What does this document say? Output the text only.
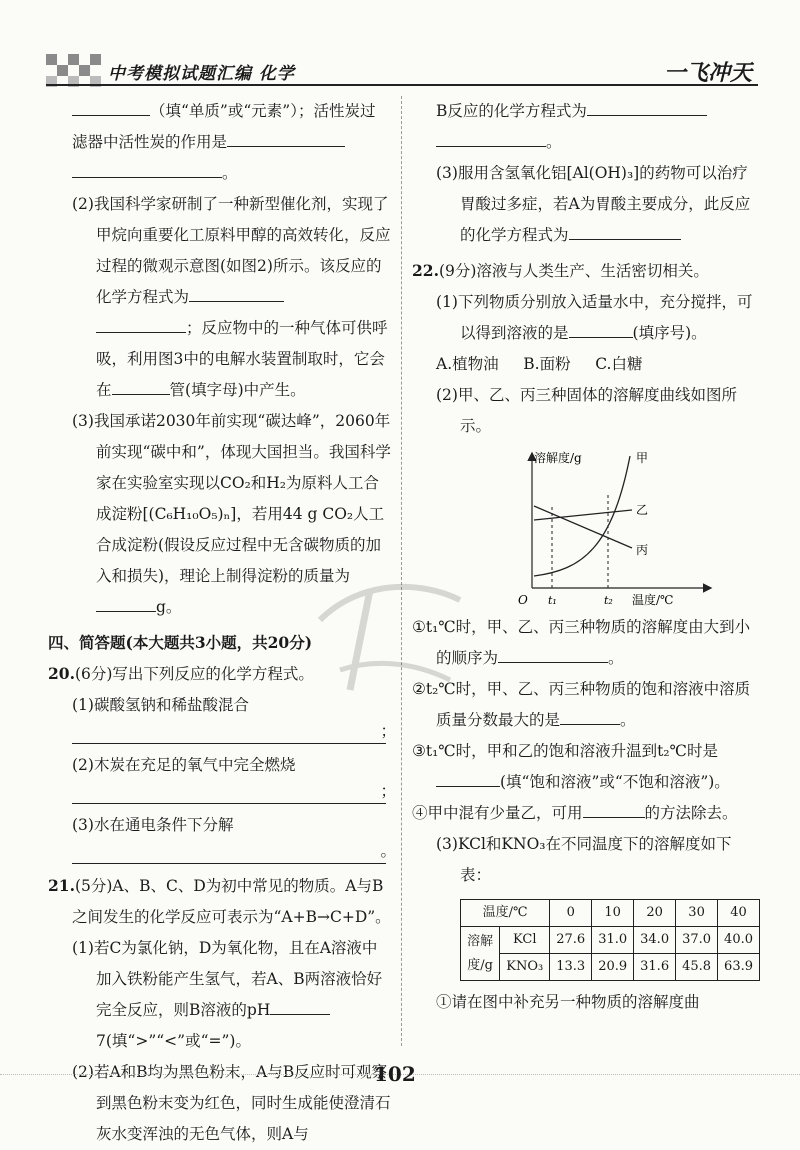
中考模拟试题汇编 化学	一飞冲天

（填“单质”或“元素”）；活性炭过

滤器中活性炭的作用是

。

(2)我国科学家研制了一种新型催化剂，实现了甲烷向重要化工原料甲醇的高效转化，反应过程的微观示意图(如图2)所示。该反应的化学方程式为
；反应物中的一种气体可供呼吸，利用图3中的电解水装置制取时，它会在	管(填字母)中产生。

(3)我国承诺2030年前实现“碳达峰”，2060年前实现“碳中和”，体现大国担当。我国科学家在实验室实现以CO₂和H₂为原料人工合成淀粉[(C₆H₁₀O₅)ₙ]，若用44 g CO₂人工合成淀粉(假设反应过程中无含碳物质的加入和损失)，理论上制得淀粉的质量为g。

四、简答题(本大题共3小题，共20分)

20.(6分)写出下列反应的化学方程式。

(1)碳酸氢钠和稀盐酸混合

；

(2)木炭在充足的氧气中完全燃烧

；

(3)水在通电条件下分解

。

21.(5分)A、B、C、D为初中常见的物质。A与B之间发生的化学反应可表示为“A+B→C+D”。

(1)若C为氯化钠，D为氧化物，且在A溶液中加入铁粉能产生氢气，若A、B两溶液恰好完全反应，则B溶液的pH7(填“>”“<”或“=”)。

(2)若A和B均为黑色粉末，A与B反应时可观察到黑色粉末变为红色，同时生成能使澄清石灰水变浑浊的无色气体，则A与

B反应的化学方程式为

。

(3)服用含氢氧化铝[Al(OH)₃]的药物可以治疗胃酸过多症，若A为胃酸主要成分，此反应的化学方程式为

22.(9分)溶液与人类生产、生活密切相关。

(1)下列物质分别放入适量水中，充分搅拌，可以得到溶液的是	(填序号)。

A.植物油     B.面粉     C.白糖

(2)甲、乙、丙三种固体的溶解度曲线如图所示。

溶解度/g
温度/℃
O t₁	t₂
甲
乙
丙

①t₁℃时，甲、乙、丙三种物质的溶解度由大到小的顺序为	。

②t₂℃时，甲、乙、丙三种物质的饱和溶液中溶质质量分数最大的是	。

③t₁℃时，甲和乙的饱和溶液升温到t₂℃时是(填“饱和溶液”或“不饱和溶液”)。

④甲中混有少量乙，可用	的方法除去。

(3)KCl和KNO₃在不同温度下的溶解度如下表：

温度/℃		0	10	20	30	40
溶解度/g	KCl	27.6	31.0	34.0	37.0	40.0
	KNO₃	13.3	20.9	31.6	45.8	63.9

①请在图中补充另一种物质的溶解度曲

102
